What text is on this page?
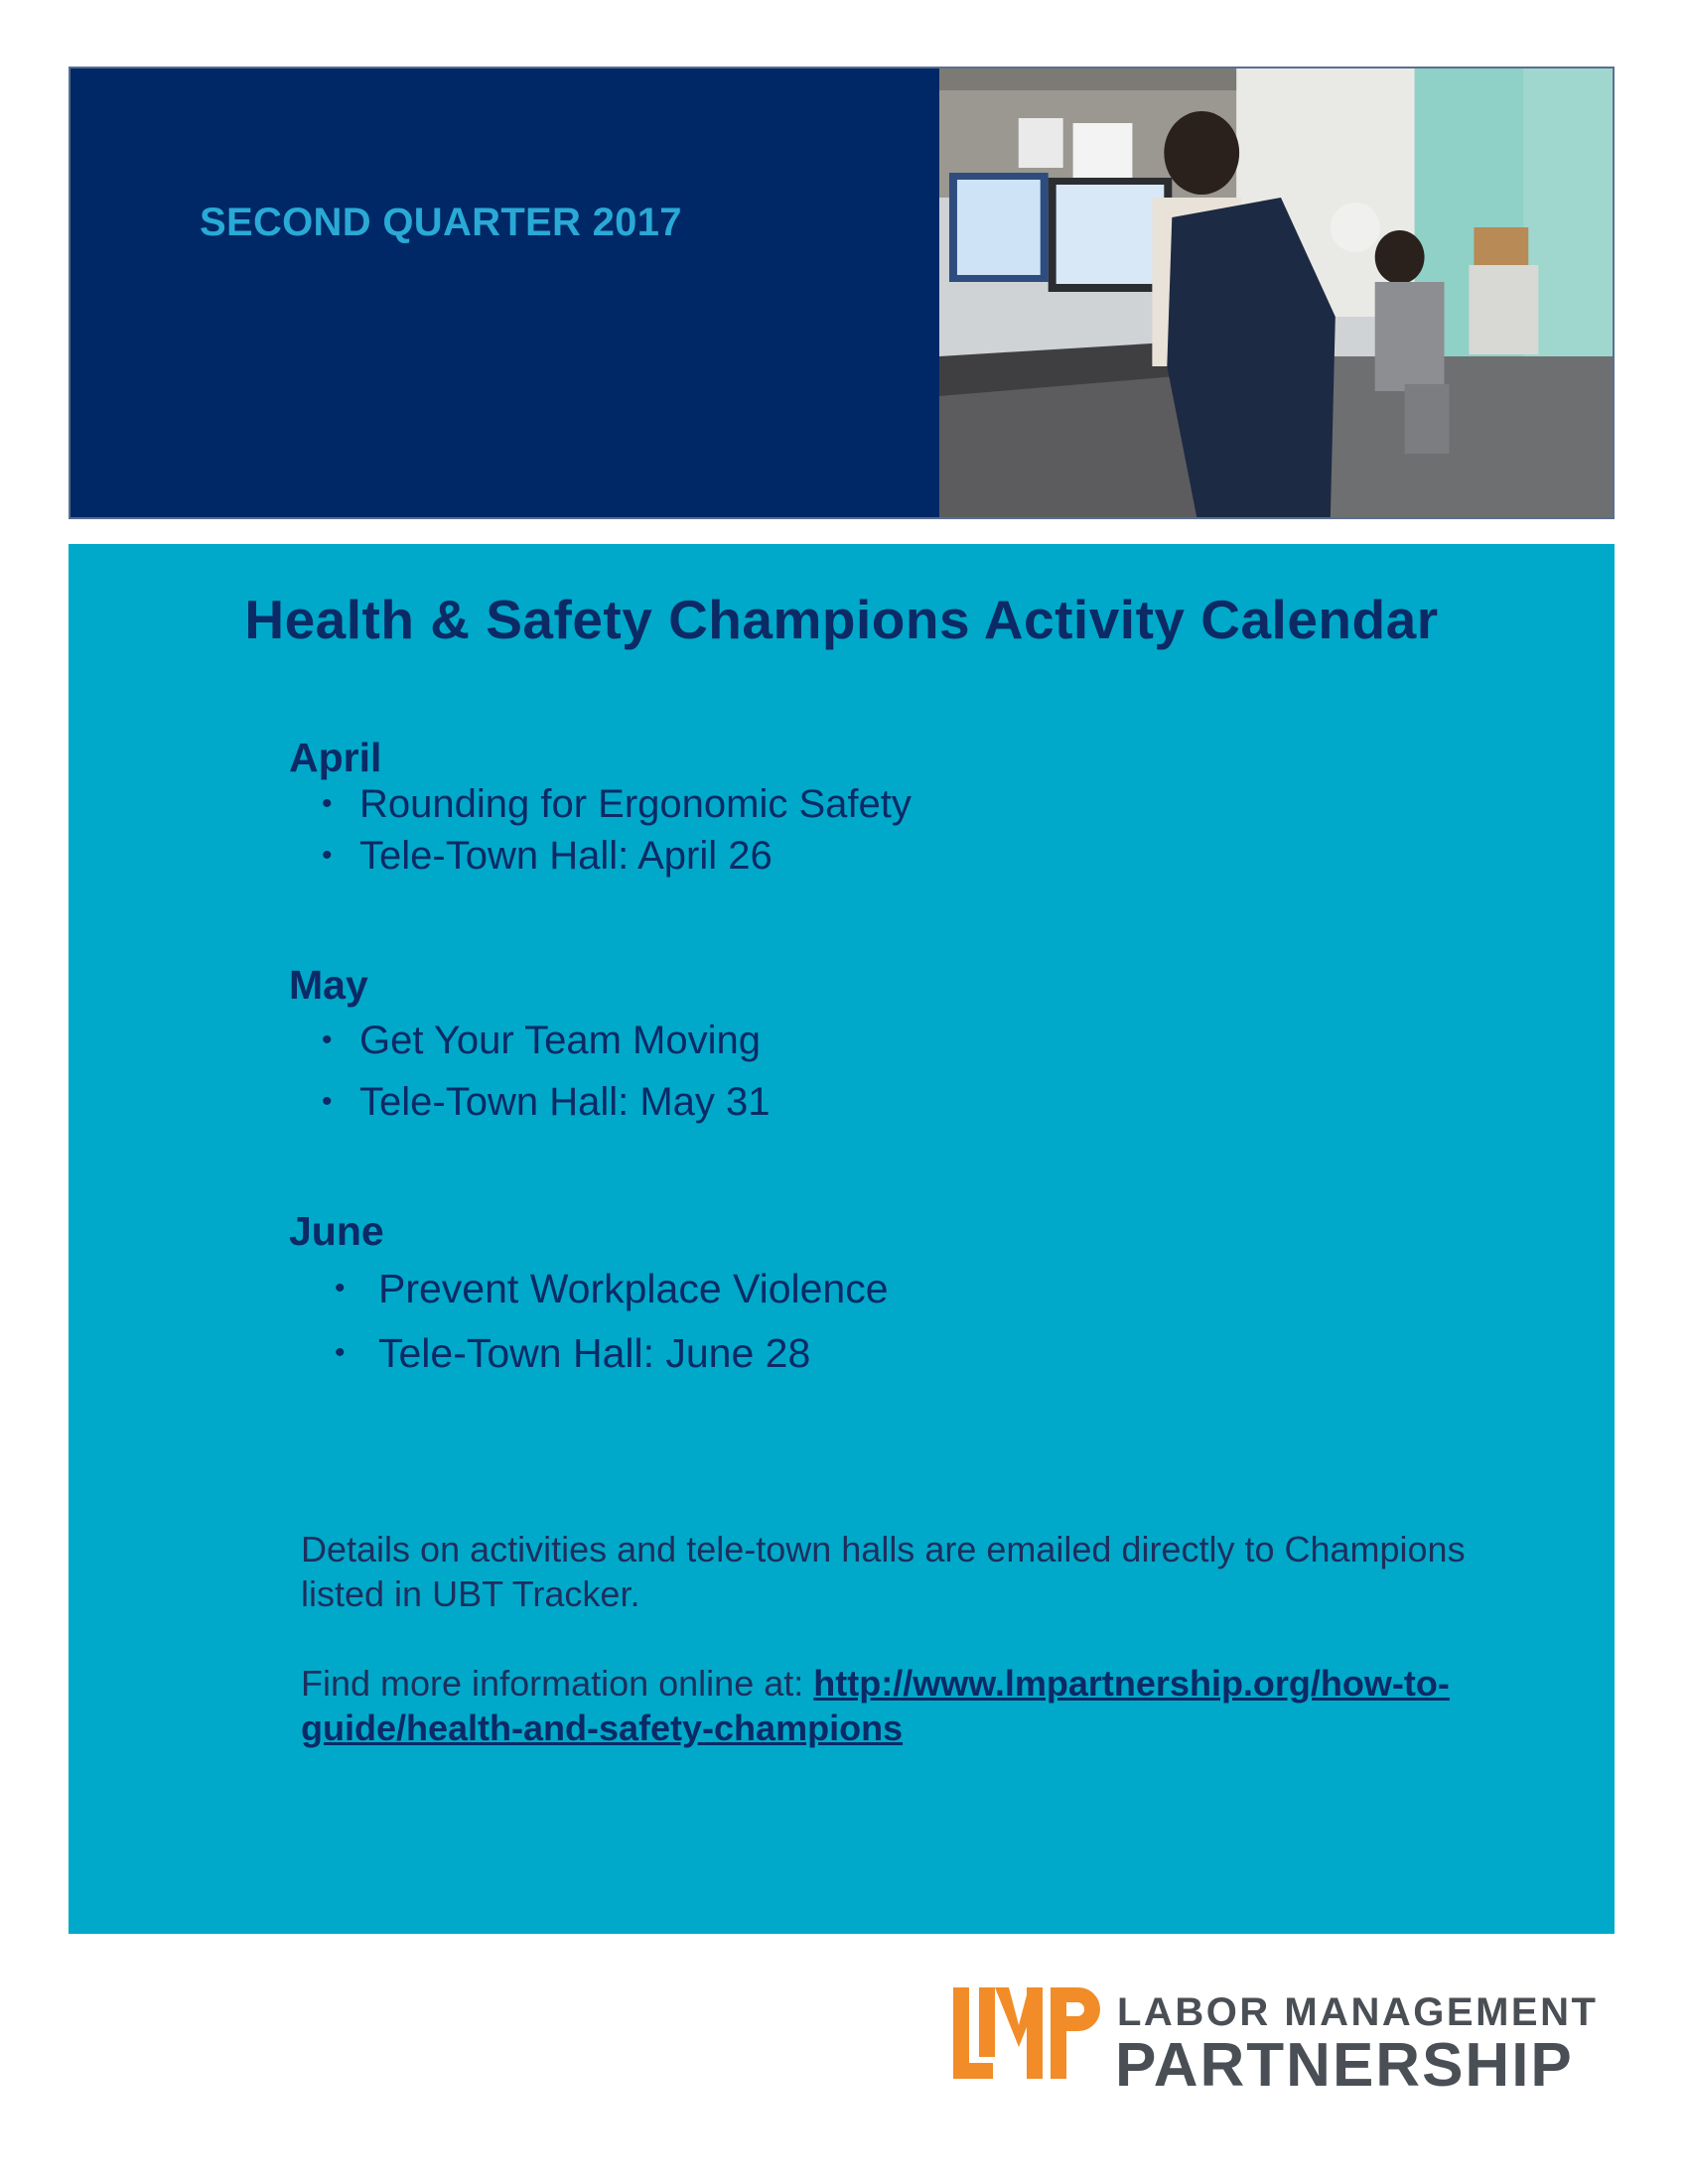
SECOND QUARTER 2017
Health & Safety Champions Activity Calendar
April
• Rounding for Ergonomic Safety
• Tele-Town Hall: April 26
May
• Get Your Team Moving
• Tele-Town Hall: May 31
June
• Prevent Workplace Violence
• Tele-Town Hall: June 28
Details on activities and tele-town halls are emailed directly to Champions
listed in UBT Tracker.
Find more information online at: http://www.lmpartnership.org/how-to-
guide/health-and-safety-champions
LABOR MANAGEMENT
PARTNERSHIP
